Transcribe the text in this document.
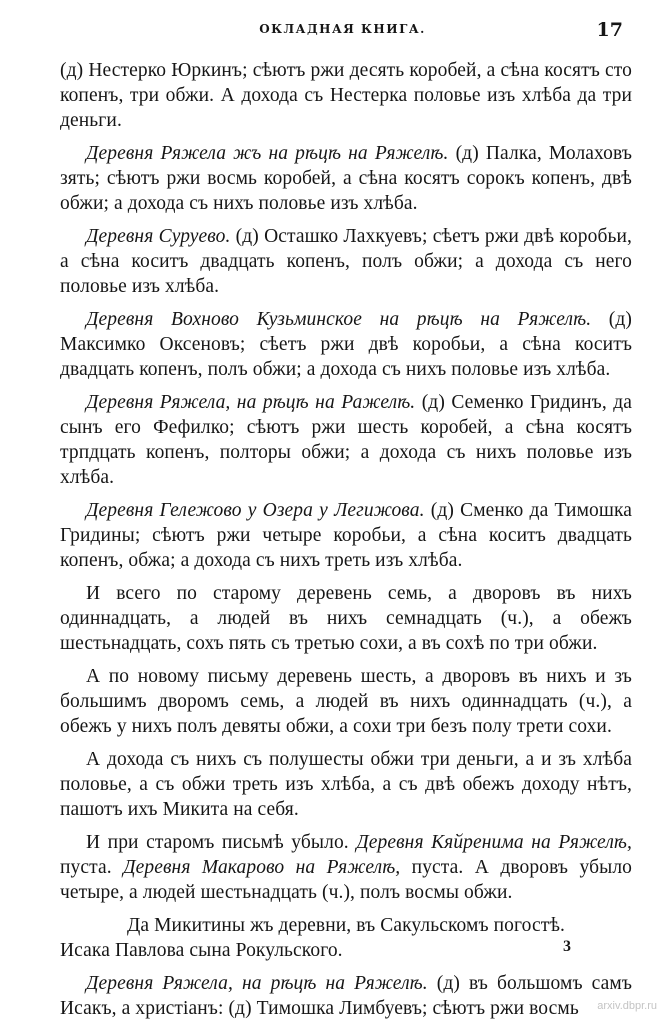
ОКЛАДНАЯ КНИГА.	17

(д) Нестерко Юркинъ; сѣютъ ржи десять коробей, а сѣна косятъ сто копенъ, три обжи. А дохода съ Нестерка половье изъ хлѣба да три деньги.

Деревня Ряжела жъ на рѣцѣ на Ряжелѣ. (д) Палка, Молаховъ зять; сѣютъ ржи восмь коробей, а сѣна косятъ сорокъ копенъ, двѣ обжи; а дохода съ нихъ половье изъ хлѣба.

Деревня Суруево. (д) Осташко Лахкуевъ; сѣетъ ржи двѣ коробьи, а сѣна коситъ двадцать копенъ, полъ обжи; а дохода съ него половье изъ хлѣба.

Деревня Вохново Кузьминское на рѣцѣ на Ряжелѣ. (д) Максимко Оксеновъ; сѣетъ ржи двѣ коробьи, а сѣна коситъ двадцать копенъ, полъ обжи; а дохода съ нихъ половье изъ хлѣба.

Деревня Ряжела, на рѣцѣ на Ражелѣ. (д) Семенко Гридинъ, да сынъ его Фефилко; сѣютъ ржи шесть коробей, а сѣна косятъ трпдцать копенъ, полторы обжи; а дохода съ нихъ половье изъ хлѣба.

Деревня Гележово у Озера у Легижова. (д) Сменко да Тимошка Гридины; сѣютъ ржи четыре коробьи, а сѣна коситъ двадцать копенъ, обжа; а дохода съ нихъ треть изъ хлѣба.

И всего по старому деревень семь, а дворовъ въ нихъ одиннадцать, а людей въ нихъ семнадцать (ч.), а обежъ шестьнадцать, сохъ пять съ третью сохи, а въ сохѣ по три обжи.

А по новому письму деревень шесть, а дворовъ въ нихъ и зъ большимъ дворомъ семь, а людей въ нихъ одиннадцать (ч.), а обежъ у нихъ полъ девяты обжи, а сохи три безъ полу трети сохи.

А дохода съ нихъ съ полушесты обжи три деньги, а и зъ хлѣба половье, а съ обжи треть изъ хлѣба, а съ двѣ обежъ доходу нѣтъ, пашотъ ихъ Микита на себя.

И при старомъ письмѣ убыло. Деревня Кяйренима на Ряжелѣ, пуста. Деревня Макарово на Ряжелѣ, пуста. А дворовъ убыло четыре, а людей шестьнадцать (ч.), полъ восмы обжи.

Да Микитины жъ деревни, въ Сакульскомъ погостѣ.

Исака Павлова сына Рокульского.

Деревня Ряжела, на рѣцѣ на Ряжелѣ. (д) въ большомъ самъ Исакъ, а христіанъ: (д) Тимошка Лимбуевъ; сѣютъ ржи восмь

3
arxiv.dbpr.ru
